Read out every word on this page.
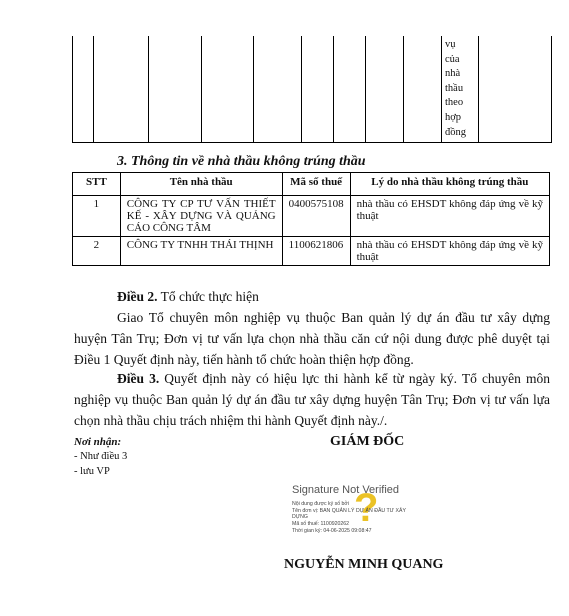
vụ
của
nhà
thầu
theo
hợp
đồng
3. Thông tin về nhà thầu không trúng thầu
STT	Tên nhà thầu	Mã số thuế	Lý do nhà thầu không trúng thầu
1	CÔNG TY CP TƯ VẤN THIẾT KẾ - XÂY DỰNG VÀ QUẢNG CÁO CÔNG TÂM	0400575108	nhà thầu có EHSDT không đáp ứng về kỹ thuật
2	CÔNG TY TNHH THÁI THỊNH	1100621806	nhà thầu có EHSDT không đáp ứng về kỹ thuật
Điều 2. Tổ chức thực hiện
Giao Tổ chuyên môn nghiệp vụ thuộc Ban quản lý dự án đầu tư xây dựng huyện Tân Trụ; Đơn vị tư vấn lựa chọn nhà thầu căn cứ nội dung được phê duyệt tại Điều 1 Quyết định này, tiến hành tổ chức hoàn thiện hợp đồng.
Điều 3. Quyết định này có hiệu lực thi hành kể từ ngày ký. Tổ chuyên môn nghiệp vụ thuộc Ban quản lý dự án đầu tư xây dựng huyện Tân Trụ; Đơn vị tư vấn lựa chọn nhà thầu chịu trách nhiệm thi hành Quyết định này./.
Nơi nhận:
- Như điều 3
- lưu VP
GIÁM ĐỐC
?
Signature Not Verified
Nội dung được ký số bởi
Tên đơn vị: BAN QUẢN LÝ DỰ ÁN ĐẦU TƯ XÂY
DỰNG
Mã số thuế: 1100920262
Thời gian ký: 04-06-2025 09:08:47
NGUYỄN MINH QUANG
